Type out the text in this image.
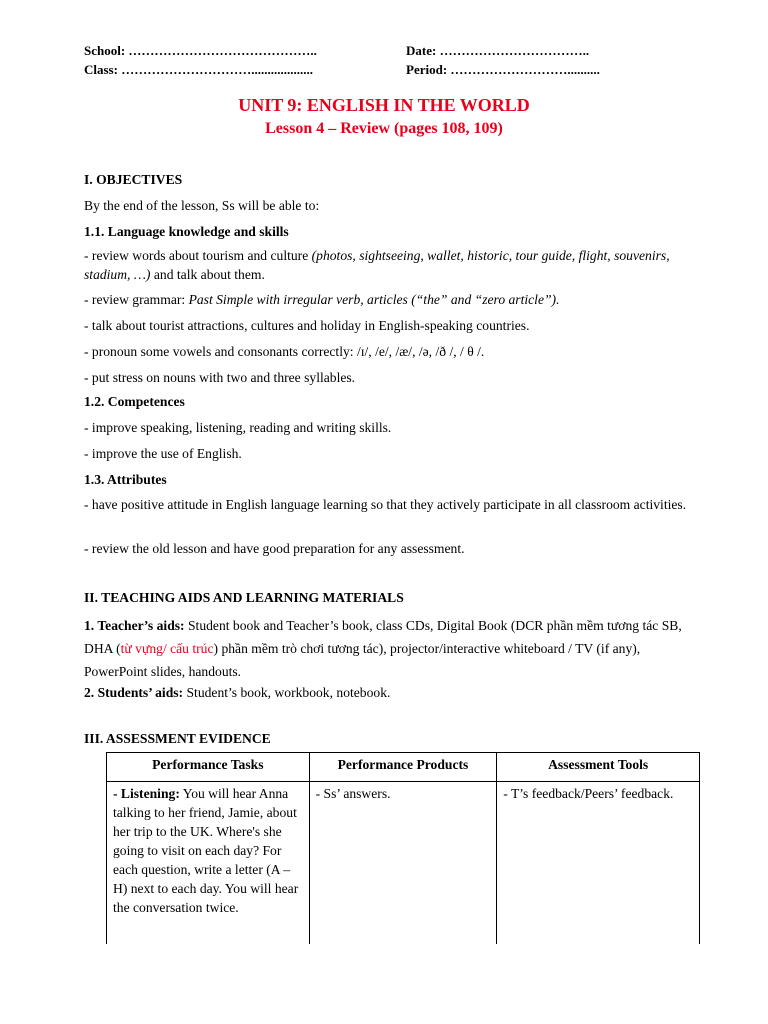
School: ……………………………………..	Date: ……………………………..
Class: …………………………...................	Period: ………………………..........
UNIT 9: ENGLISH IN THE WORLD
Lesson 4 – Review (pages 108, 109)
I. OBJECTIVES
By the end of the lesson, Ss will be able to:
1.1. Language knowledge and skills
- review words about tourism and culture (photos, sightseeing, wallet, historic, tour guide, flight, souvenirs, stadium, …) and talk about them.
- review grammar: Past Simple with irregular verb, articles (“the” and “zero article”).
- talk about tourist attractions, cultures and holiday in English-speaking countries.
- pronoun some vowels and consonants correctly: /ɪ/, /e/, /æ/, /ə, /ð /, / θ /.
- put stress on nouns with two and three syllables.
1.2. Competences
- improve speaking, listening, reading and writing skills.
- improve the use of English.
1.3. Attributes
- have positive attitude in English language learning so that they actively participate in all classroom activities.
- review the old lesson and have good preparation for any assessment.
II. TEACHING AIDS AND LEARNING MATERIALS
1. Teacher’s aids: Student book and Teacher’s book, class CDs, Digital Book (DCR phần mềm tương tác SB, DHA (từ vựng/ cấu trúc) phần mềm trò chơi tương tác), projector/interactive whiteboard / TV (if any), PowerPoint slides, handouts.
2. Students’ aids: Student’s book, workbook, notebook.
III. ASSESSMENT EVIDENCE
Performance Tasks	Performance Products	Assessment Tools
- Listening: You will hear Anna talking to her friend, Jamie, about her trip to the UK. Where's she going to visit on each day? For each question, write a letter (A – H) next to each day. You will hear the conversation twice.	- Ss’ answers.	- T’s feedback/Peers’ feedback.
